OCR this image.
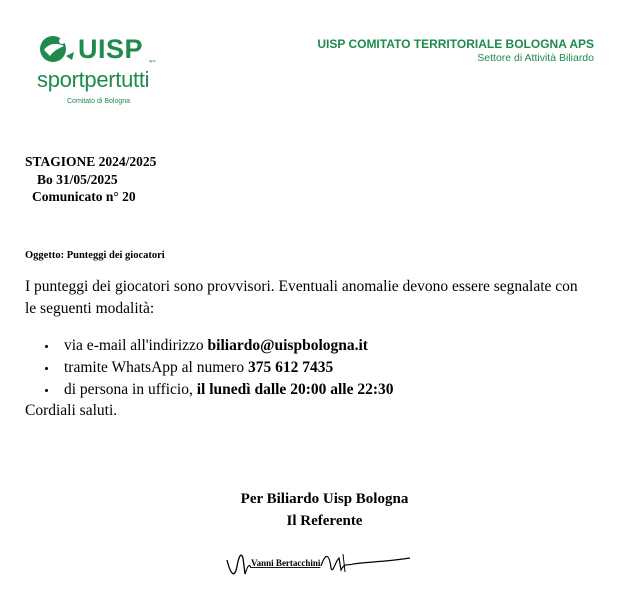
UISP aps
sportpertutti
Comitato di Bologna
UISP COMITATO TERRITORIALE BOLOGNA APS
Settore di Attività Biliardo
STAGIONE 2024/2025
Bo 31/05/2025
Comunicato n° 20
Oggetto: Punteggi dei giocatori
I punteggi dei giocatori sono provvisori. Eventuali anomalie devono essere segnalate con le seguenti modalità:
via e-mail all'indirizzo biliardo@uispbologna.it
tramite WhatsApp al numero 375 612 7435
di persona in ufficio, il lunedì dalle 20:00 alle 22:30
Cordiali saluti.
Per Biliardo Uisp Bologna
Il Referente
Vanni Bertacchini
